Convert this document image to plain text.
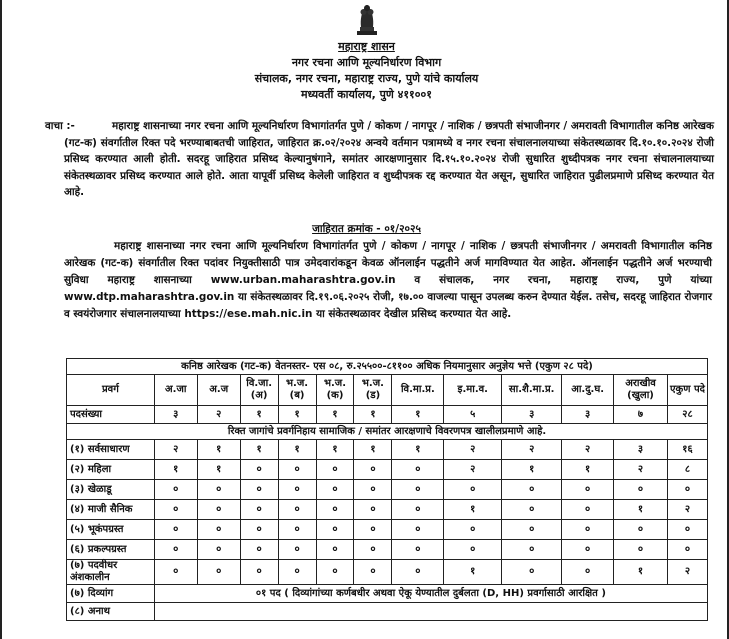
महाराष्ट्र शासन
नगर रचना आणि मूल्यनिर्धारण विभाग
संचालक, नगर रचना, महाराष्ट्र राज्य, पुणे यांचे कार्यालय
मध्यवर्ती कार्यालय, पुणे ४११००१
वाचा :-	महाराष्ट्र शासनाच्या नगर रचना आणि मूल्यनिर्धारण विभागांतर्गत पुणे / कोकण / नागपूर / नाशिक / छत्रपती संभाजीनगर / अमरावती विभागातील कनिष्ठ आरेखक (गट-क) संवर्गातील रिक्त पदे भरण्याबाबतची जाहिरात, जाहिरात क्र.०२/२०२४ अन्वये वर्तमान पत्रामध्ये व नगर रचना संचालनालयाच्या संकेतस्थळावर दि.१०.१०.२०२४ रोजी प्रसिध्द करण्यात आली होती. सदरहू जाहिरात प्रसिध्द केल्यानुषंगाने, समांतर आरक्षणानुसार दि.१५.१०.२०२४ रोजी सुधारित शुध्दीपत्रक नगर रचना संचालनालयाच्या संकेतस्थळावर प्रसिध्द करण्यात आले होते. आता यापूर्वी प्रसिध्द केलेली जाहिरात व शुध्दीपत्रक रद्द करण्यात येत असून, सुधारित जाहिरात पुढीलप्रमाणे प्रसिध्द करण्यात येत आहे.
जाहिरात क्रमांक - ०१/२०२५
महाराष्ट्र शासनाच्या नगर रचना आणि मूल्यनिर्धारण विभागांतर्गत पुणे / कोकण / नागपूर / नाशिक / छत्रपती संभाजीनगर / अमरावती विभागातील कनिष्ठ आरेखक (गट-क) संवर्गातील रिक्त पदांवर नियुक्तीसाठी पात्र उमेदवारांकडून केवळ ऑनलाईन पद्धतीने अर्ज मागविण्यात येत आहेत. ऑनलाईन पद्धतीने अर्ज भरण्याची सुविधा महाराष्ट्र शासनाच्या www.urban.maharashtra.gov.in व संचालक, नगर रचना, महाराष्ट्र राज्य, पुणे यांच्या www.dtp.maharashtra.gov.in या संकेतस्थळावर दि.१९.०६.२०२५ रोजी, १७.०० वाजल्या पासून उपलब्ध करुन देण्यात येईल. तसेच, सदरहू जाहिरात रोजगार व स्वयंरोजगार संचालनालयाच्या https://ese.mah.nic.in या संकेतस्थळावर देखील प्रसिध्द करण्यात येत आहे.
कनिष्ठ आरेखक (गट-क) वेतनस्तर- एस ०८, रु.२५५००-८११०० अधिक नियमानुसार अनुज्ञेय भत्ते (एकुण २८ पदे)												
प्रवर्ग	अ.जा	अ.ज	वि.जा. (अ)	भ.ज. (ब)	भ.ज. (क)	भ.ज. (ड)	वि.मा.प्र.	इ.मा.व.	सा.शै.मा.प्र.	आ.दु.घ.	अराखीव (खुला)	एकुण पदे
पदसंख्या	३	२	१	१	१	१	१	५	३	३	७	२८
रिक्त जागांचे प्रवर्गनिहाय सामाजिक / समांतर आरक्षणाचे विवरणपत्र खालीलप्रमाणे आहे.												
(१) सर्वसाधारण	२	१	१	१	१	१	१	२	२	२	३	१६
(२) महिला	१	१	०	०	०	०	०	२	१	१	२	८
(३) खेळाडू	०	०	०	०	०	०	०	०	०	०	०	०
(४) माजी सैनिक	०	०	०	०	०	०	०	१	०	०	१	२
(५) भूकंपग्रस्त	०	०	०	०	०	०	०	०	०	०	०	०
(६) प्रकल्पग्रस्त	०	०	०	०	०	०	०	०	०	०	०	०
(७) पदवीधर अंशकालीन	०	०	०	०	०	०	०	१	०	०	१	२
(७) दिव्यांग	०१ पद ( दिव्यांगांच्या कर्णबधीर अथवा ऐकू येण्यातील दुर्बलता (D, HH) प्रवर्गासाठी आरक्षित )											
(८) अनाथ												
